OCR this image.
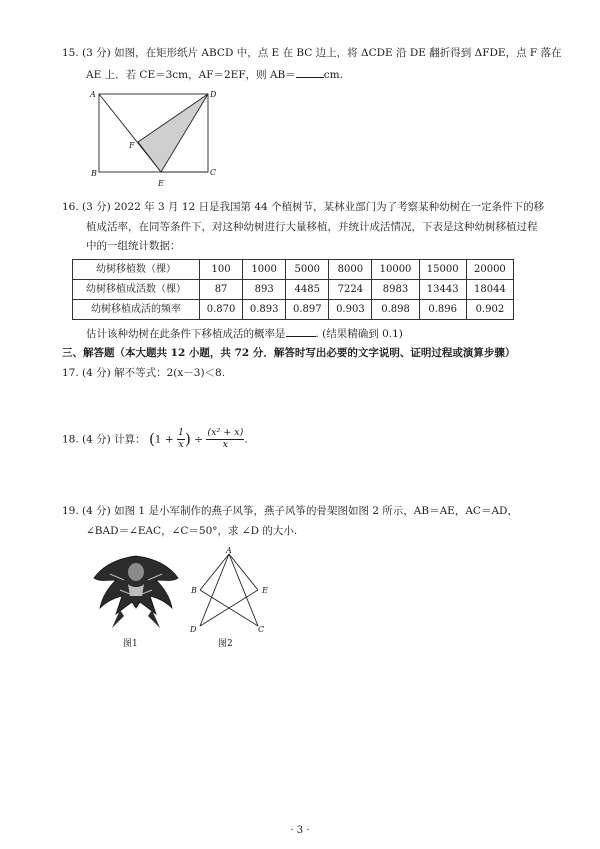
15. (3 分) 如图，在矩形纸片 ABCD 中，点 E 在 BC 边上，将 ΔCDE 沿 DE 翻折得到 ΔFDE，点 F 落在
AE 上．若 CE＝3cm，AF＝2EF，则 AB＝	cm.
A	D
F
B
E
C
16. (3 分) 2022 年 3 月 12 日是我国第 44 个植树节，某林业部门为了考察某种幼树在一定条件下的移
植成活率，在同等条件下，对这种幼树进行大量移植，并统计成活情况，下表是这种幼树移植过程
中的一组统计数据：
幼树移植数（棵）	100	1000	5000	8000	10000	15000	20000
幼树移植成活数（棵）	87	893	4485	7224	8983	13443	18044
幼树移植成活的频率	0.870	0.893	0.897	0.903	0.898	0.896	0.902
估计该种幼树在此条件下移植成活的概率是	. (结果精确到 0.1)
三、解答题（本大题共 12 小题，共 72 分．解答时写出必要的文字说明、证明过程或演算步骤）
17. (4 分) 解不等式：2(x－3)＜8.
18. (4 分) 计算： ($1 + \frac{1}{x}$ ) ÷ $\frac{\text{(x² + x)}}{x}$ .
19. (4 分) 如图 1 是小军制作的燕子风筝，燕子风筝的骨架图如图 2 所示，AB＝AE，AC＝AD，
∠BAD＝∠EAC，∠C＝50°，求 ∠D 的大小.
图1
A
B	E
D	C
图2
· 3 ·
